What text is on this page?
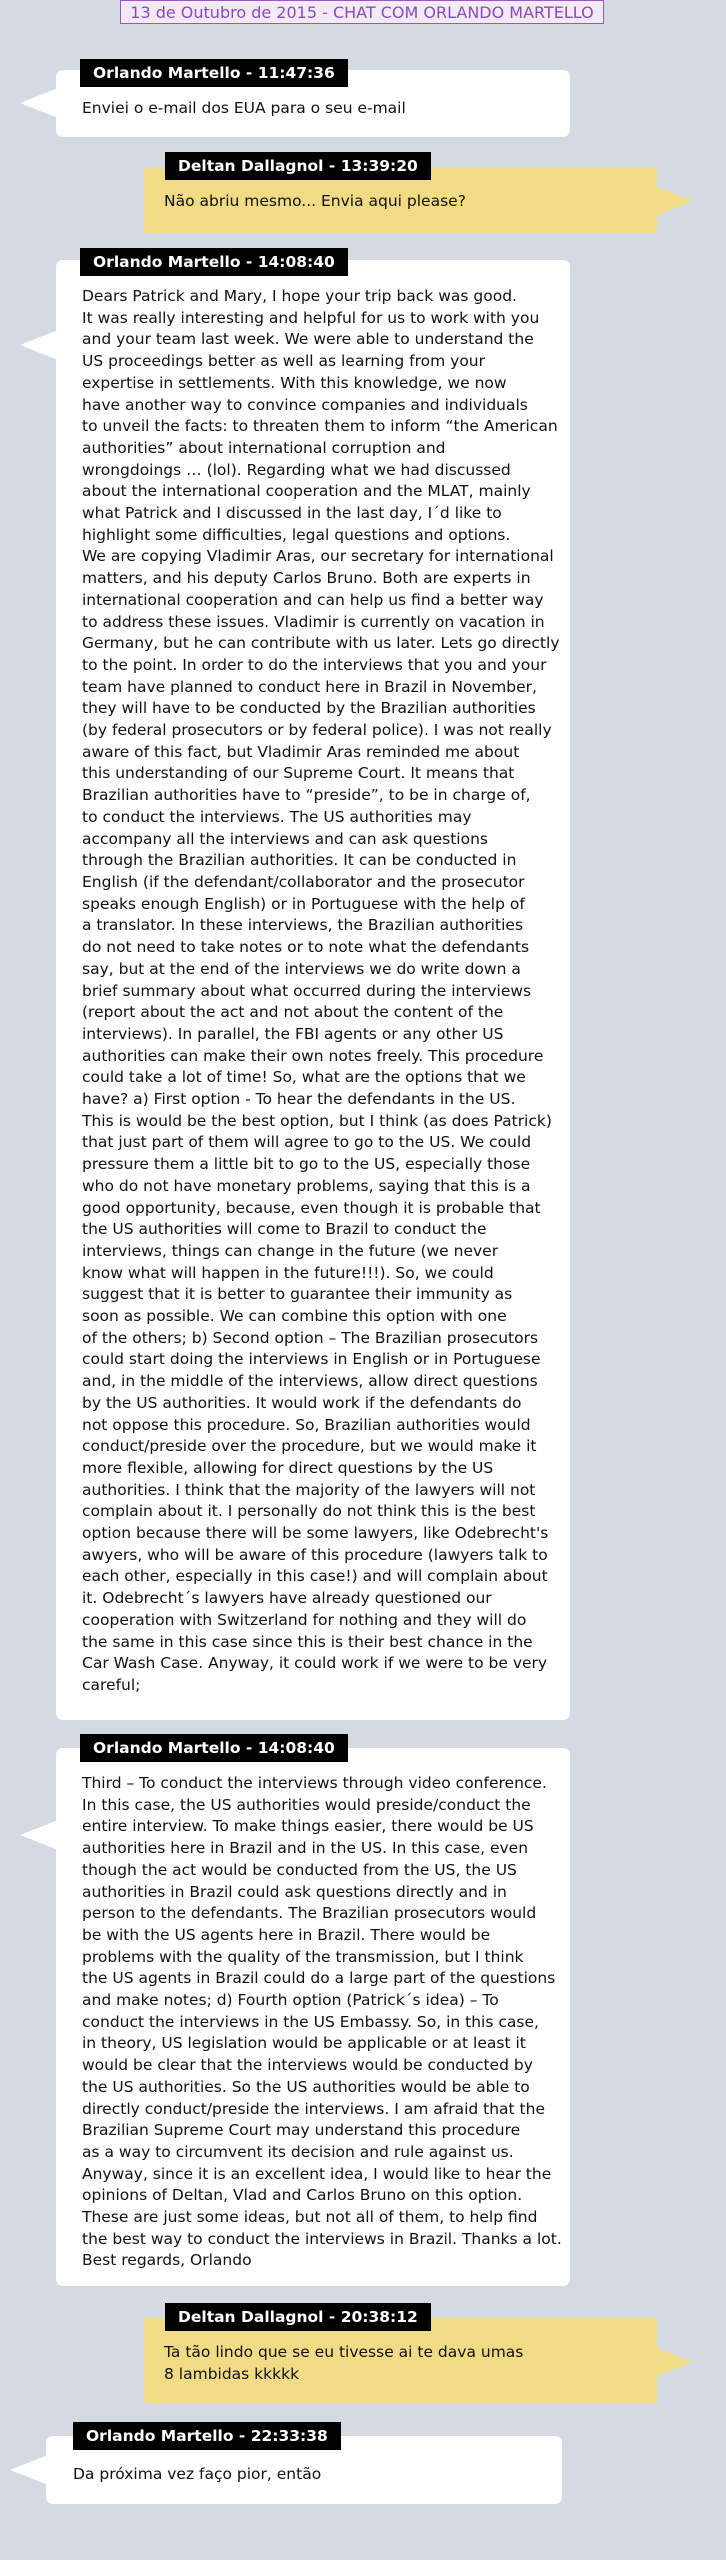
13 de Outubro de 2015 - CHAT COM ORLANDO MARTELLO
Enviei o e-mail dos EUA para o seu e-mail
Orlando Martello - 11:47:36
Não abriu mesmo... Envia aqui please?
Deltan Dallagnol - 13:39:20
Dears Patrick and Mary, I hope your trip back was good.
It was really interesting and helpful for us to work with you
and your team last week. We were able to understand the
US proceedings better as well as learning from your
expertise in settlements. With this knowledge, we now
have another way to convince companies and individuals
to unveil the facts: to threaten them to inform “the American
authorities” about international corruption and
wrongdoings … (lol). Regarding what we had discussed
about the international cooperation and the MLAT, mainly
what Patrick and I discussed in the last day, I´d like to
highlight some difficulties, legal questions and options.
We are copying Vladimir Aras, our secretary for international
matters, and his deputy Carlos Bruno. Both are experts in
international cooperation and can help us find a better way
to address these issues. Vladimir is currently on vacation in
Germany, but he can contribute with us later. Lets go directly
to the point. In order to do the interviews that you and your
team have planned to conduct here in Brazil in November,
they will have to be conducted by the Brazilian authorities
(by federal prosecutors or by federal police). I was not really
aware of this fact, but Vladimir Aras reminded me about
this understanding of our Supreme Court. It means that
Brazilian authorities have to “preside”, to be in charge of,
to conduct the interviews. The US authorities may
accompany all the interviews and can ask questions
through the Brazilian authorities. It can be conducted in
English (if the defendant/collaborator and the prosecutor
speaks enough English) or in Portuguese with the help of
a translator. In these interviews, the Brazilian authorities
do not need to take notes or to note what the defendants
say, but at the end of the interviews we do write down a
brief summary about what occurred during the interviews
(report about the act and not about the content of the
interviews). In parallel, the FBI agents or any other US
authorities can make their own notes freely. This procedure
could take a lot of time! So, what are the options that we
have? a) First option - To hear the defendants in the US.
This is would be the best option, but I think (as does Patrick)
that just part of them will agree to go to the US. We could
pressure them a little bit to go to the US, especially those
who do not have monetary problems, saying that this is a
good opportunity, because, even though it is probable that
the US authorities will come to Brazil to conduct the
interviews, things can change in the future (we never
know what will happen in the future!!!). So, we could
suggest that it is better to guarantee their immunity as
soon as possible. We can combine this option with one
of the others; b) Second option – The Brazilian prosecutors
could start doing the interviews in English or in Portuguese
and, in the middle of the interviews, allow direct questions
by the US authorities. It would work if the defendants do
not oppose this procedure. So, Brazilian authorities would
conduct/preside over the procedure, but we would make it
more flexible, allowing for direct questions by the US
authorities. I think that the majority of the lawyers will not
complain about it. I personally do not think this is the best
option because there will be some lawyers, like Odebrecht's
awyers, who will be aware of this procedure (lawyers talk to
each other, especially in this case!) and will complain about
it. Odebrecht´s lawyers have already questioned our
cooperation with Switzerland for nothing and they will do
the same in this case since this is their best chance in the
Car Wash Case. Anyway, it could work if we were to be very
careful;
Orlando Martello - 14:08:40
Third – To conduct the interviews through video conference.
In this case, the US authorities would preside/conduct the
entire interview. To make things easier, there would be US
authorities here in Brazil and in the US. In this case, even
though the act would be conducted from the US, the US
authorities in Brazil could ask questions directly and in
person to the defendants. The Brazilian prosecutors would
be with the US agents here in Brazil. There would be
problems with the quality of the transmission, but I think
the US agents in Brazil could do a large part of the questions
and make notes; d) Fourth option (Patrick´s idea) – To
conduct the interviews in the US Embassy. So, in this case,
in theory, US legislation would be applicable or at least it
would be clear that the interviews would be conducted by
the US authorities. So the US authorities would be able to
directly conduct/preside the interviews. I am afraid that the
Brazilian Supreme Court may understand this procedure
as a way to circumvent its decision and rule against us.
Anyway, since it is an excellent idea, I would like to hear the
opinions of Deltan, Vlad and Carlos Bruno on this option.
These are just some ideas, but not all of them, to help find
the best way to conduct the interviews in Brazil. Thanks a lot.
Best regards, Orlando
Orlando Martello - 14:08:40
Ta tão lindo que se eu tivesse ai te dava umas
8 lambidas kkkkk
Deltan Dallagnol - 20:38:12
Da próxima vez faço pior, então
Orlando Martello - 22:33:38
